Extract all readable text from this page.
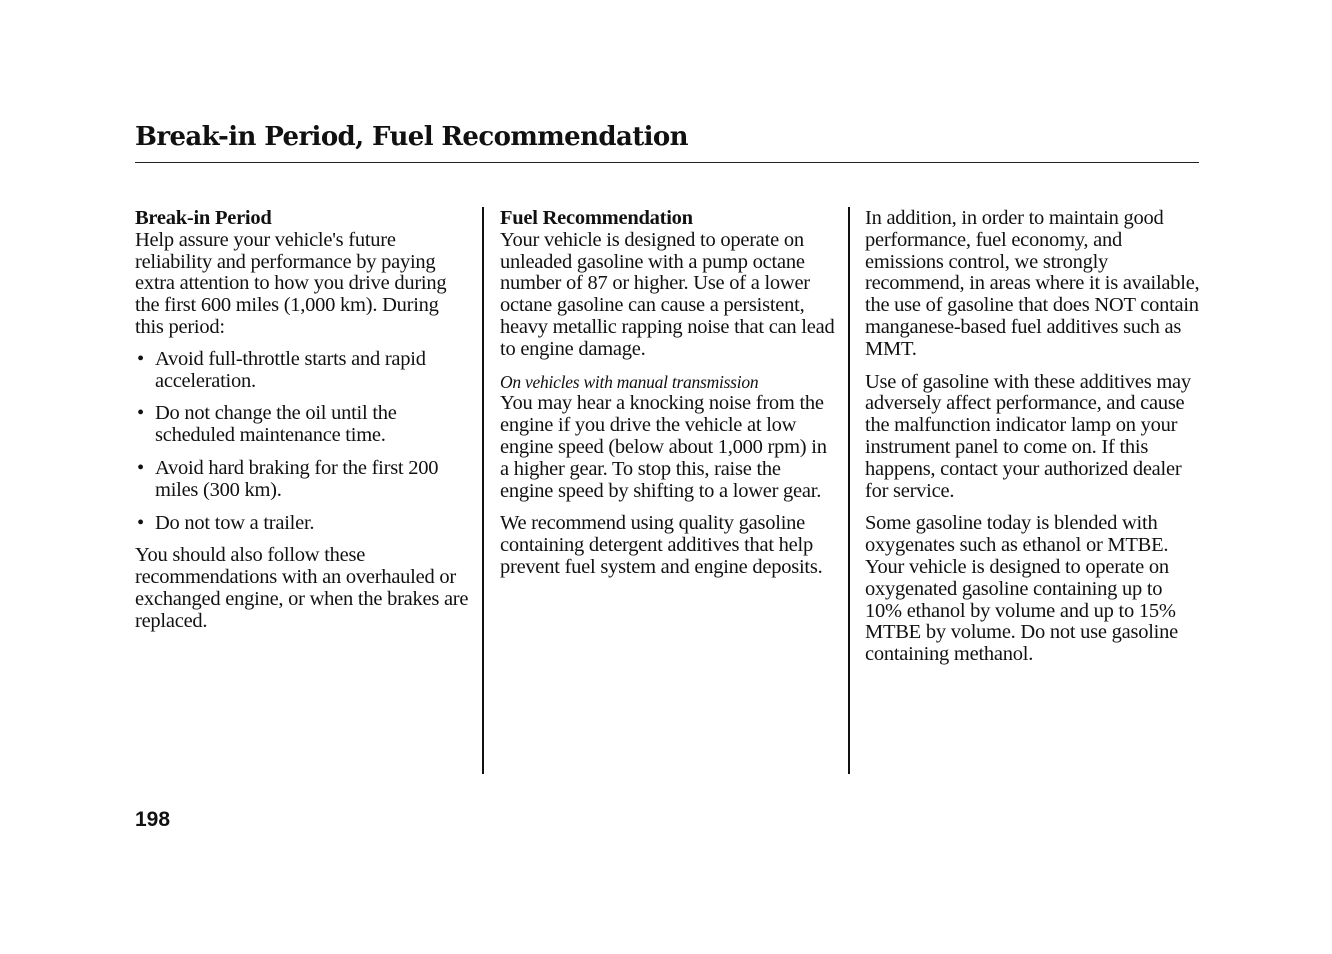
Break-in Period, Fuel Recommendation

Break-in Period

Help assure your vehicle's future reliability and performance by paying extra attention to how you drive during the first 600 miles (1,000 km). During this period:

• Avoid full-throttle starts and rapid acceleration.
• Do not change the oil until the scheduled maintenance time.
• Avoid hard braking for the first 200 miles (300 km).
• Do not tow a trailer.

You should also follow these recommendations with an overhauled or exchanged engine, or when the brakes are replaced.

Fuel Recommendation

Your vehicle is designed to operate on unleaded gasoline with a pump octane number of 87 or higher. Use of a lower octane gasoline can cause a persistent, heavy metallic rapping noise that can lead to engine damage.

On vehicles with manual transmission

You may hear a knocking noise from the engine if you drive the vehicle at low engine speed (below about 1,000 rpm) in a higher gear. To stop this, raise the engine speed by shifting to a lower gear.

We recommend using quality gasoline containing detergent additives that help prevent fuel system and engine deposits.

In addition, in order to maintain good performance, fuel economy, and emissions control, we strongly recommend, in areas where it is available, the use of gasoline that does NOT contain manganese-based fuel additives such as MMT.

Use of gasoline with these additives may adversely affect performance, and cause the malfunction indicator lamp on your instrument panel to come on. If this happens, contact your authorized dealer for service.

Some gasoline today is blended with oxygenates such as ethanol or MTBE. Your vehicle is designed to operate on oxygenated gasoline containing up to 10% ethanol by volume and up to 15% MTBE by volume. Do not use gasoline containing methanol.

198
